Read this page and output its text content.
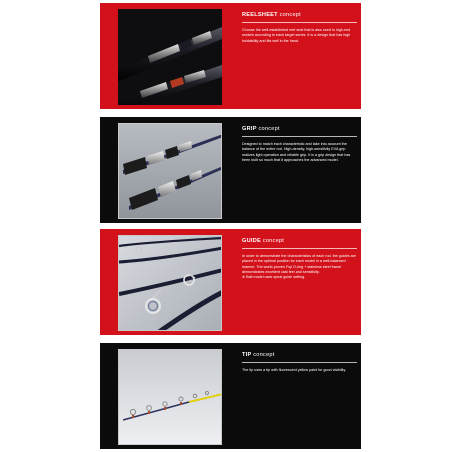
REELSHEET concept
Choose the well-established reel seat that is also used in high-end models according to each target series. It is a design that has high holdability and fits well in the hand.
GRIP concept
Designed to match each characteristic and take into account the balance of the entire rod. High-density, high-sensitivity EVA grip realizes light operation and reliable grip. It is a grip design that has been built so much that it approaches the advanced model.
GUIDE concept
In order to demonstrate the characteristics of each rod, the guides are placed in the optimal position for each model in a well-balanced manner. The world-proven Fuji O-ring + stainless steel frame demonstrates excellent cast feel and sensitivity.
※ Bait model uses spiral guide setting.
TIP concept
The tip uses a tip with fluorescent yellow paint for good visibility.
